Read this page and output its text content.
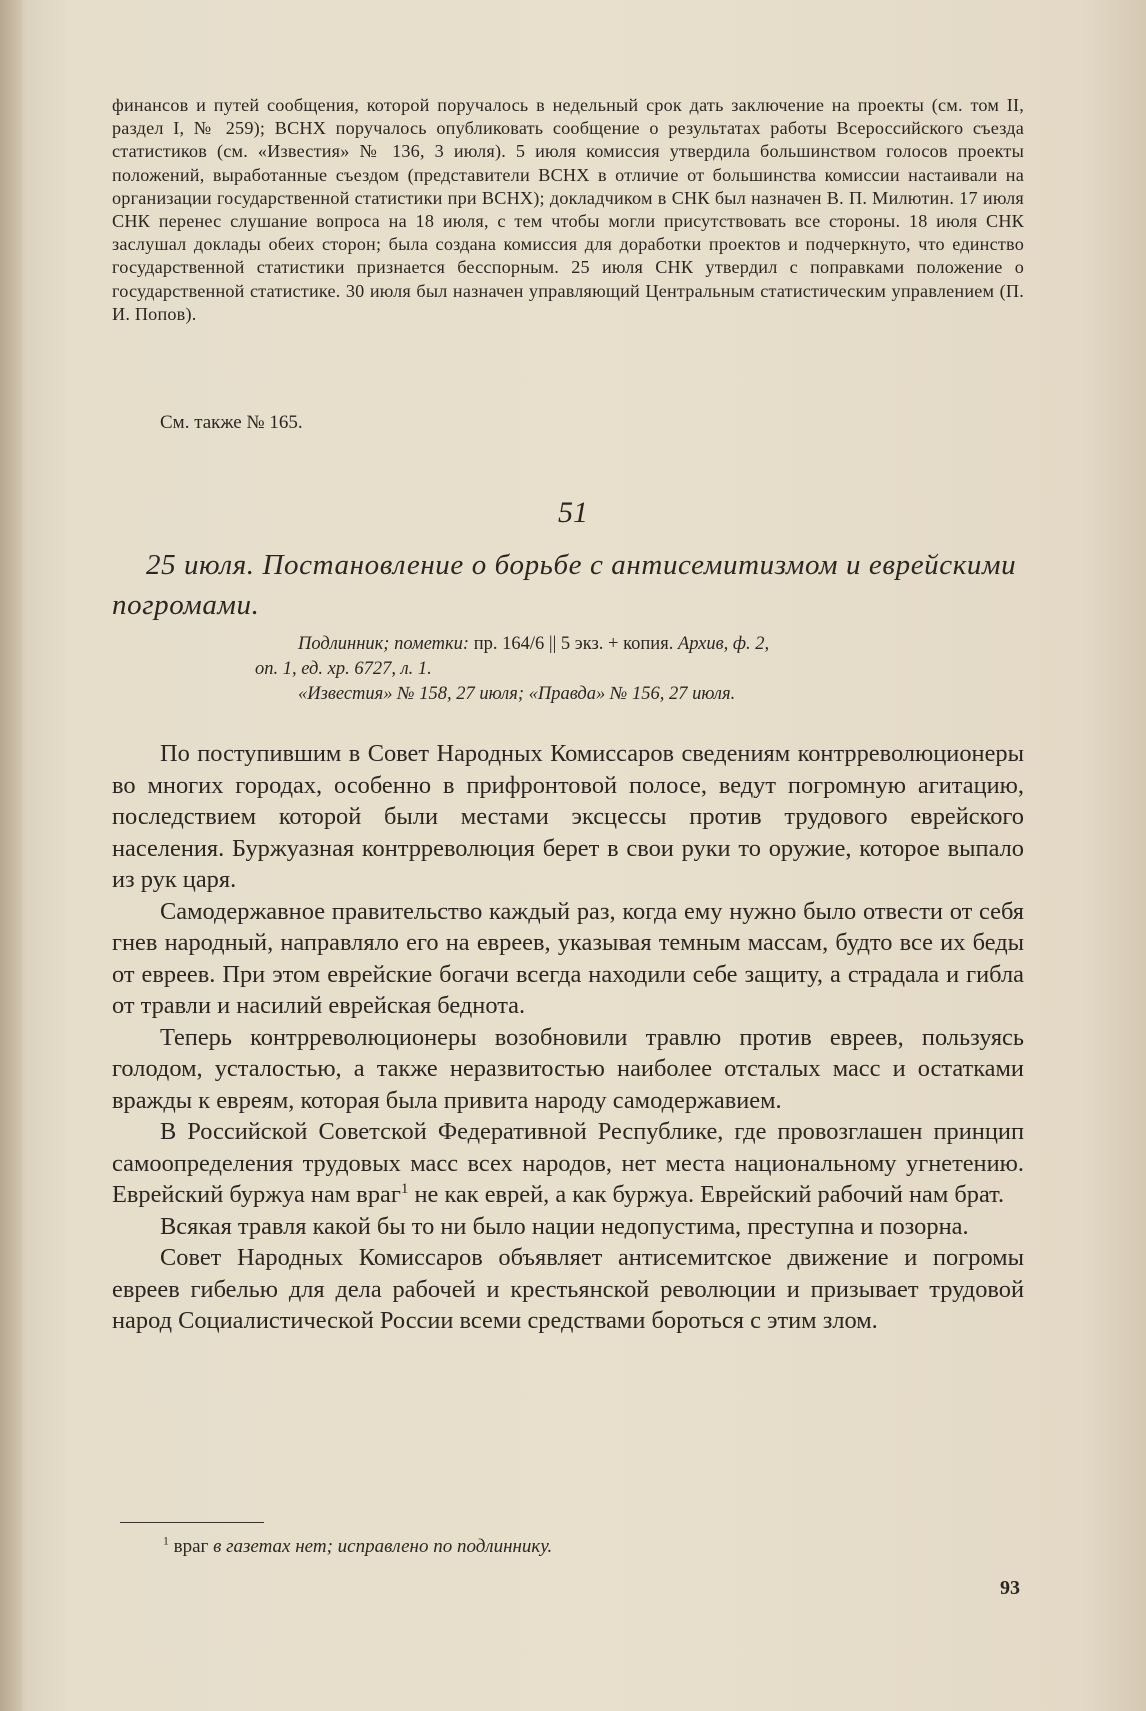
финансов и путей сообщения, которой поручалось в недельный срок дать заключение на проекты (см. том II, раздел I, № 259); ВСНХ поручалось опубликовать сообщение о результатах работы Всероссийского съезда статистиков (см. «Известия» № 136, 3 июля). 5 июля комиссия утвердила большинством голосов проекты положений, выработанные съездом (представители ВСНХ в отличие от большинства комиссии настаивали на организации государственной статистики при ВСНХ); докладчиком в СНК был назначен В. П. Милютин. 17 июля СНК перенес слушание вопроса на 18 июля, с тем чтобы могли присутствовать все стороны. 18 июля СНК заслушал доклады обеих сторон; была создана комиссия для доработки проектов и подчеркнуто, что единство государственной статистики признается бесспорным. 25 июля СНК утвердил с поправками положение о государственной статистике. 30 июля был назначен управляющий Центральным статистическим управлением (П. И. Попов).

См. также № 165.
51
25 июля. Постановление о борьбе с антисемитизмом и еврейскими погромами.
Подлинник; пометки: пр. 164/6 || 5 экз. + копия. Архив, ф. 2,
оп. 1, ед. хр. 6727, л. 1.
«Известия» № 158, 27 июля; «Правда» № 156, 27 июля.

По поступившим в Совет Народных Комиссаров сведениям контрреволюционеры во многих городах, особенно в прифронтовой полосе, ведут погромную агитацию, последствием которой были местами эксцессы против трудового еврейского населения. Буржуазная контрреволюция берет в свои руки то оружие, которое выпало из рук царя.

Самодержавное правительство каждый раз, когда ему нужно было отвести от себя гнев народный, направляло его на евреев, указывая темным массам, будто все их беды от евреев. При этом еврейские богачи всегда находили себе защиту, а страдала и гибла от травли и насилий еврейская беднота.

Теперь контрреволюционеры возобновили травлю против евреев, пользуясь голодом, усталостью, а также неразвитостью наиболее отсталых масс и остатками вражды к евреям, которая была привита народу самодержавием.

В Российской Советской Федеративной Республике, где провозглашен принцип самоопределения трудовых масс всех народов, нет места национальному угнетению. Еврейский буржуа нам враг$^1$ не как еврей, а как буржуа. Еврейский рабочий нам брат.

Всякая травля какой бы то ни было нации недопустима, преступна и позорна.

Совет Народных Комиссаров объявляет антисемитское движение и погромы евреев гибелью для дела рабочей и крестьянской революции и призывает трудовой народ Социалистической России всеми средствами бороться с этим злом.

$^1$ враг в газетах нет; исправлено по подлиннику.
93
